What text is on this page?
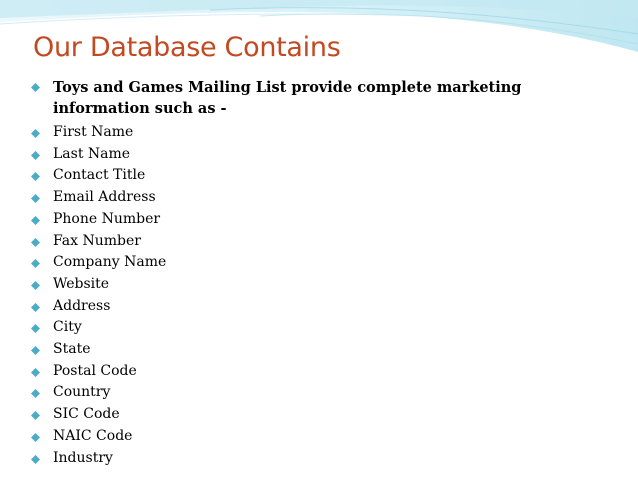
Our Database Contains
Toys and Games Mailing List provide complete marketing information such as -
First Name
Last Name
Contact Title
Email Address
Phone Number
Fax Number
Company Name
Website
Address
City
State
Postal Code
Country
SIC Code
NAIC Code
Industry
